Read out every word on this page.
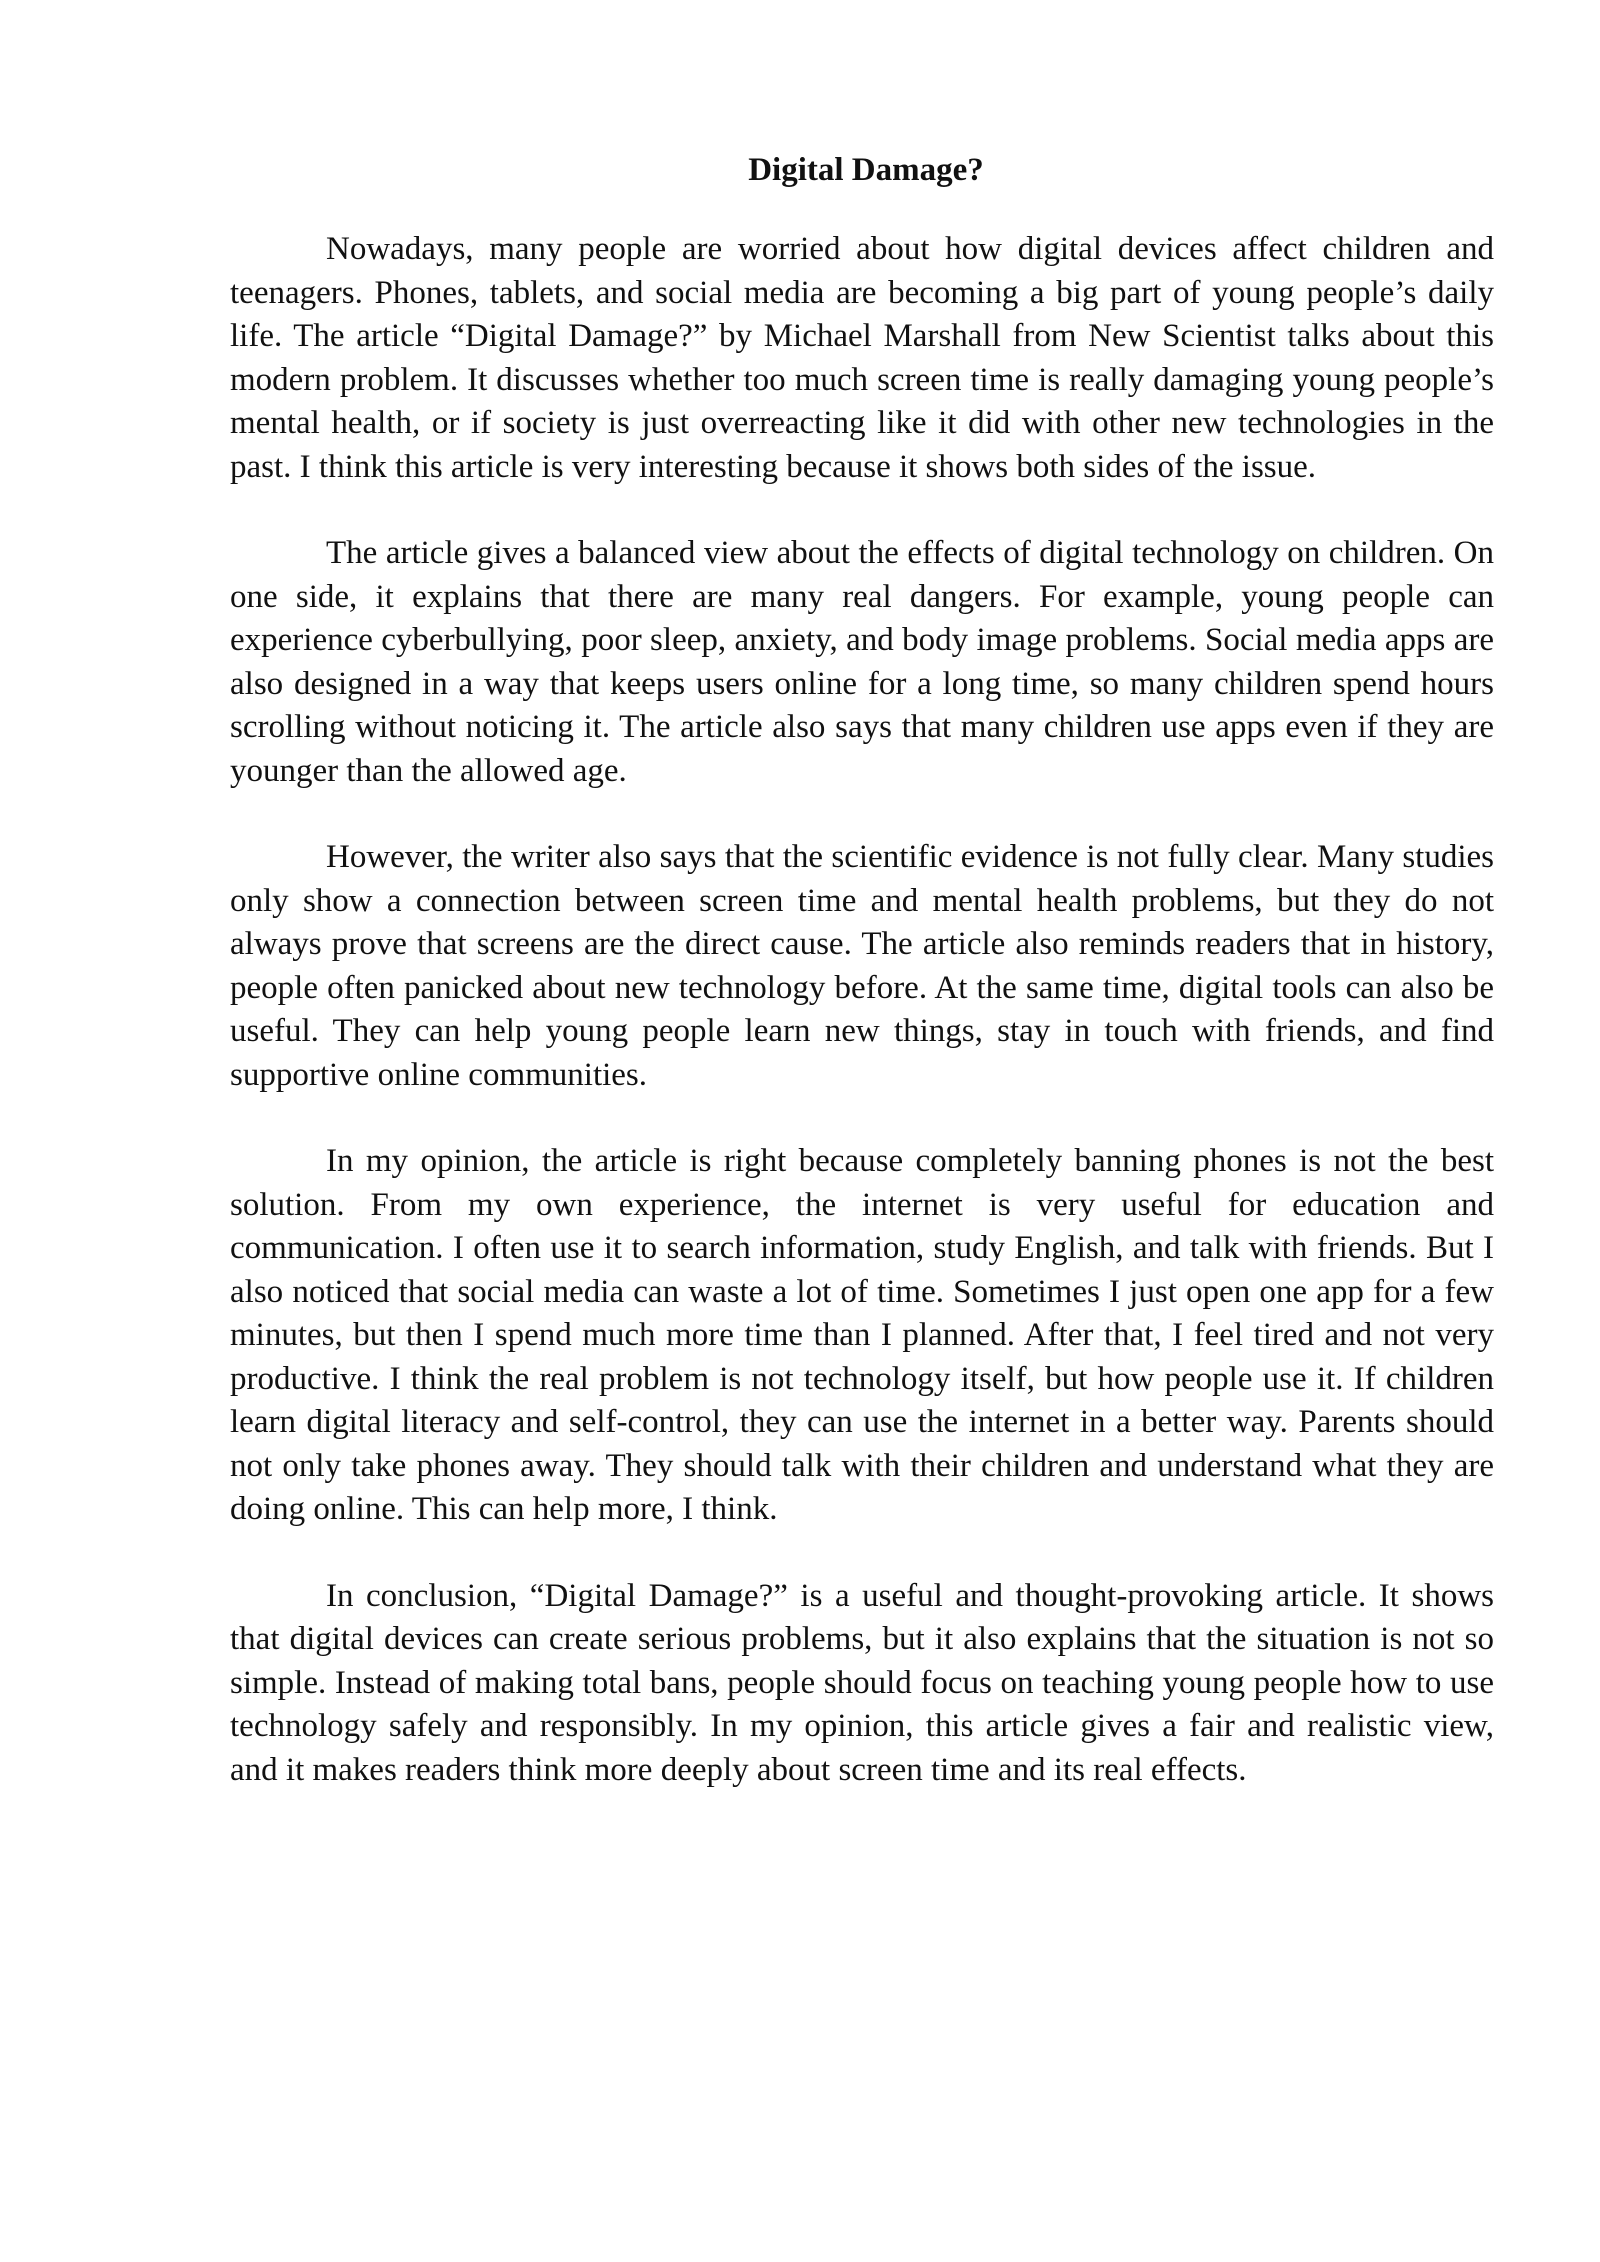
Digital Damage?

Nowadays, many people are worried about how digital devices affect children and teenagers. Phones, tablets, and social media are becoming a big part of young people’s daily life. The article “Digital Damage?” by Michael Marshall from New Scientist talks about this modern problem. It discusses whether too much screen time is really damaging young people’s mental health, or if society is just overreacting like it did with other new technologies in the past. I think this article is very interesting because it shows both sides of the issue.

The article gives a balanced view about the effects of digital technology on children. On one side, it explains that there are many real dangers. For example, young people can experience cyberbullying, poor sleep, anxiety, and body image problems. Social media apps are also designed in a way that keeps users online for a long time, so many children spend hours scrolling without noticing it. The article also says that many children use apps even if they are younger than the allowed age.

However, the writer also says that the scientific evidence is not fully clear. Many studies only show a connection between screen time and mental health problems, but they do not always prove that screens are the direct cause. The article also reminds readers that in history, people often panicked about new technology before. At the same time, digital tools can also be useful. They can help young people learn new things, stay in touch with friends, and find supportive online communities.

In my opinion, the article is right because completely banning phones is not the best solution. From my own experience, the internet is very useful for education and communication. I often use it to search information, study English, and talk with friends. But I also noticed that social media can waste a lot of time. Sometimes I just open one app for a few minutes, but then I spend much more time than I planned. After that, I feel tired and not very productive. I think the real problem is not technology itself, but how people use it. If children learn digital literacy and self-control, they can use the internet in a better way. Parents should not only take phones away. They should talk with their children and understand what they are doing online. This can help more, I think.

In conclusion, “Digital Damage?” is a useful and thought-provoking article. It shows that digital devices can create serious problems, but it also explains that the situation is not so simple. Instead of making total bans, people should focus on teaching young people how to use technology safely and responsibly. In my opinion, this article gives a fair and realistic view, and it makes readers think more deeply about screen time and its real effects.
